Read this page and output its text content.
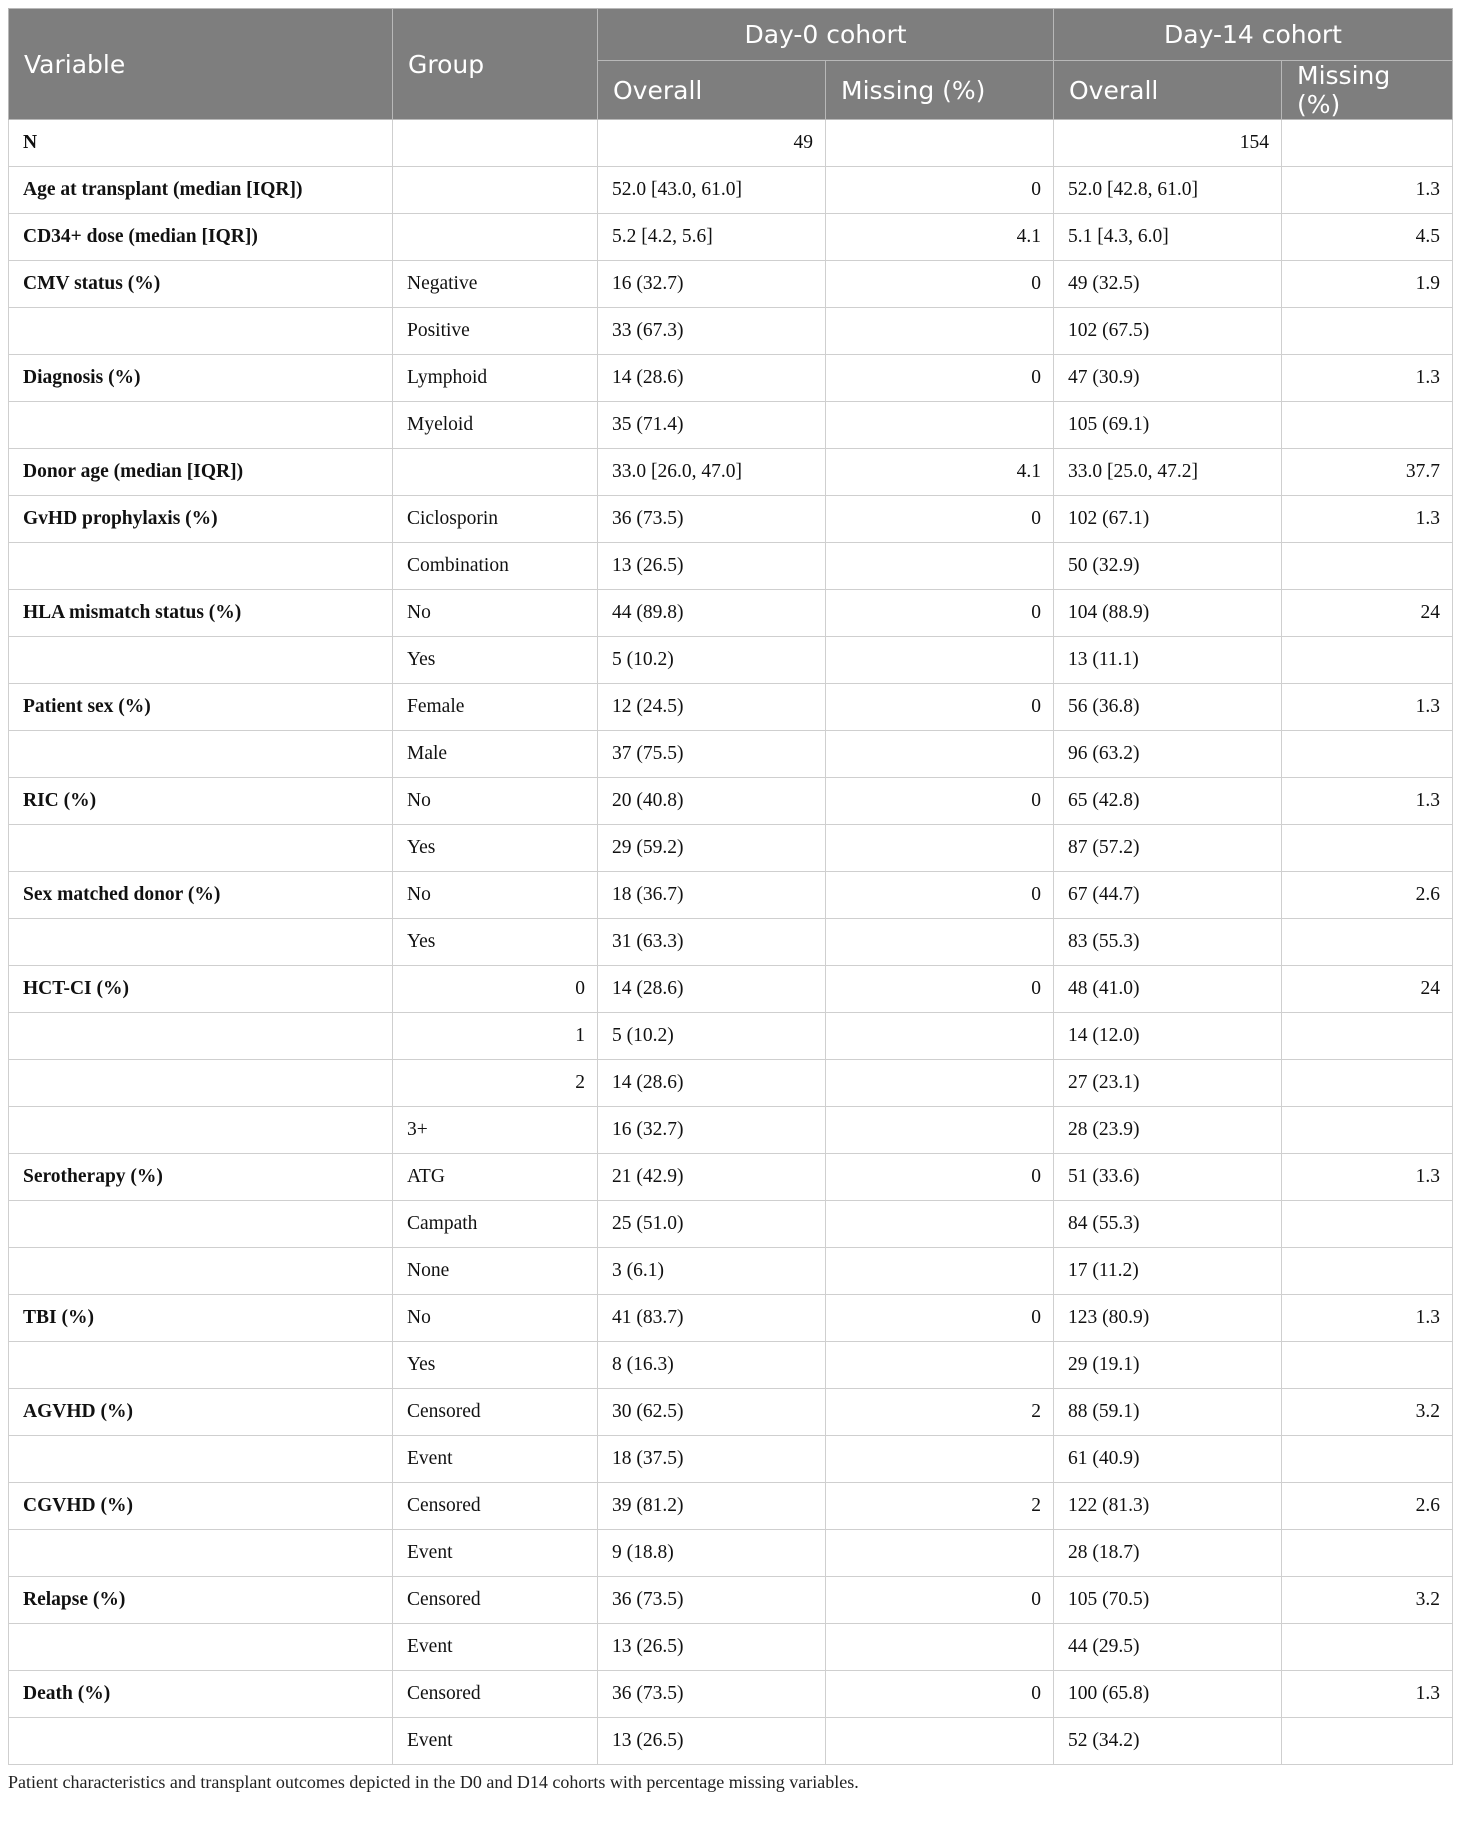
Variable	Group	Day-0 cohort		Day-14 cohort	
		Overall	Missing (%)	Overall	Missing (%)
N		49		154	
Age at transplant (median [IQR])		52.0 [43.0, 61.0]	0	52.0 [42.8, 61.0]	1.3
CD34+ dose (median [IQR])		5.2 [4.2, 5.6]	4.1	5.1 [4.3, 6.0]	4.5
CMV status (%)	Negative	16 (32.7)	0	49 (32.5)	1.9
	Positive	33 (67.3)		102 (67.5)	
Diagnosis (%)	Lymphoid	14 (28.6)	0	47 (30.9)	1.3
	Myeloid	35 (71.4)		105 (69.1)	
Donor age (median [IQR])		33.0 [26.0, 47.0]	4.1	33.0 [25.0, 47.2]	37.7
GvHD prophylaxis (%)	Ciclosporin	36 (73.5)	0	102 (67.1)	1.3
	Combination	13 (26.5)		50 (32.9)	
HLA mismatch status (%)	No	44 (89.8)	0	104 (88.9)	24
	Yes	5 (10.2)		13 (11.1)	
Patient sex (%)	Female	12 (24.5)	0	56 (36.8)	1.3
	Male	37 (75.5)		96 (63.2)	
RIC (%)	No	20 (40.8)	0	65 (42.8)	1.3
	Yes	29 (59.2)		87 (57.2)	
Sex matched donor (%)	No	18 (36.7)	0	67 (44.7)	2.6
	Yes	31 (63.3)		83 (55.3)	
HCT-CI (%)	0	14 (28.6)	0	48 (41.0)	24
	1	5 (10.2)		14 (12.0)	
	2	14 (28.6)		27 (23.1)	
	3+	16 (32.7)		28 (23.9)	
Serotherapy (%)	ATG	21 (42.9)	0	51 (33.6)	1.3
	Campath	25 (51.0)		84 (55.3)	
	None	3 (6.1)		17 (11.2)	
TBI (%)	No	41 (83.7)	0	123 (80.9)	1.3
	Yes	8 (16.3)		29 (19.1)	
AGVHD (%)	Censored	30 (62.5)	2	88 (59.1)	3.2
	Event	18 (37.5)		61 (40.9)	
CGVHD (%)	Censored	39 (81.2)	2	122 (81.3)	2.6
	Event	9 (18.8)		28 (18.7)	
Relapse (%)	Censored	36 (73.5)	0	105 (70.5)	3.2
	Event	13 (26.5)		44 (29.5)	
Death (%)	Censored	36 (73.5)	0	100 (65.8)	1.3
	Event	13 (26.5)		52 (34.2)	
Patient characteristics and transplant outcomes depicted in the D0 and D14 cohorts with percentage missing variables.
